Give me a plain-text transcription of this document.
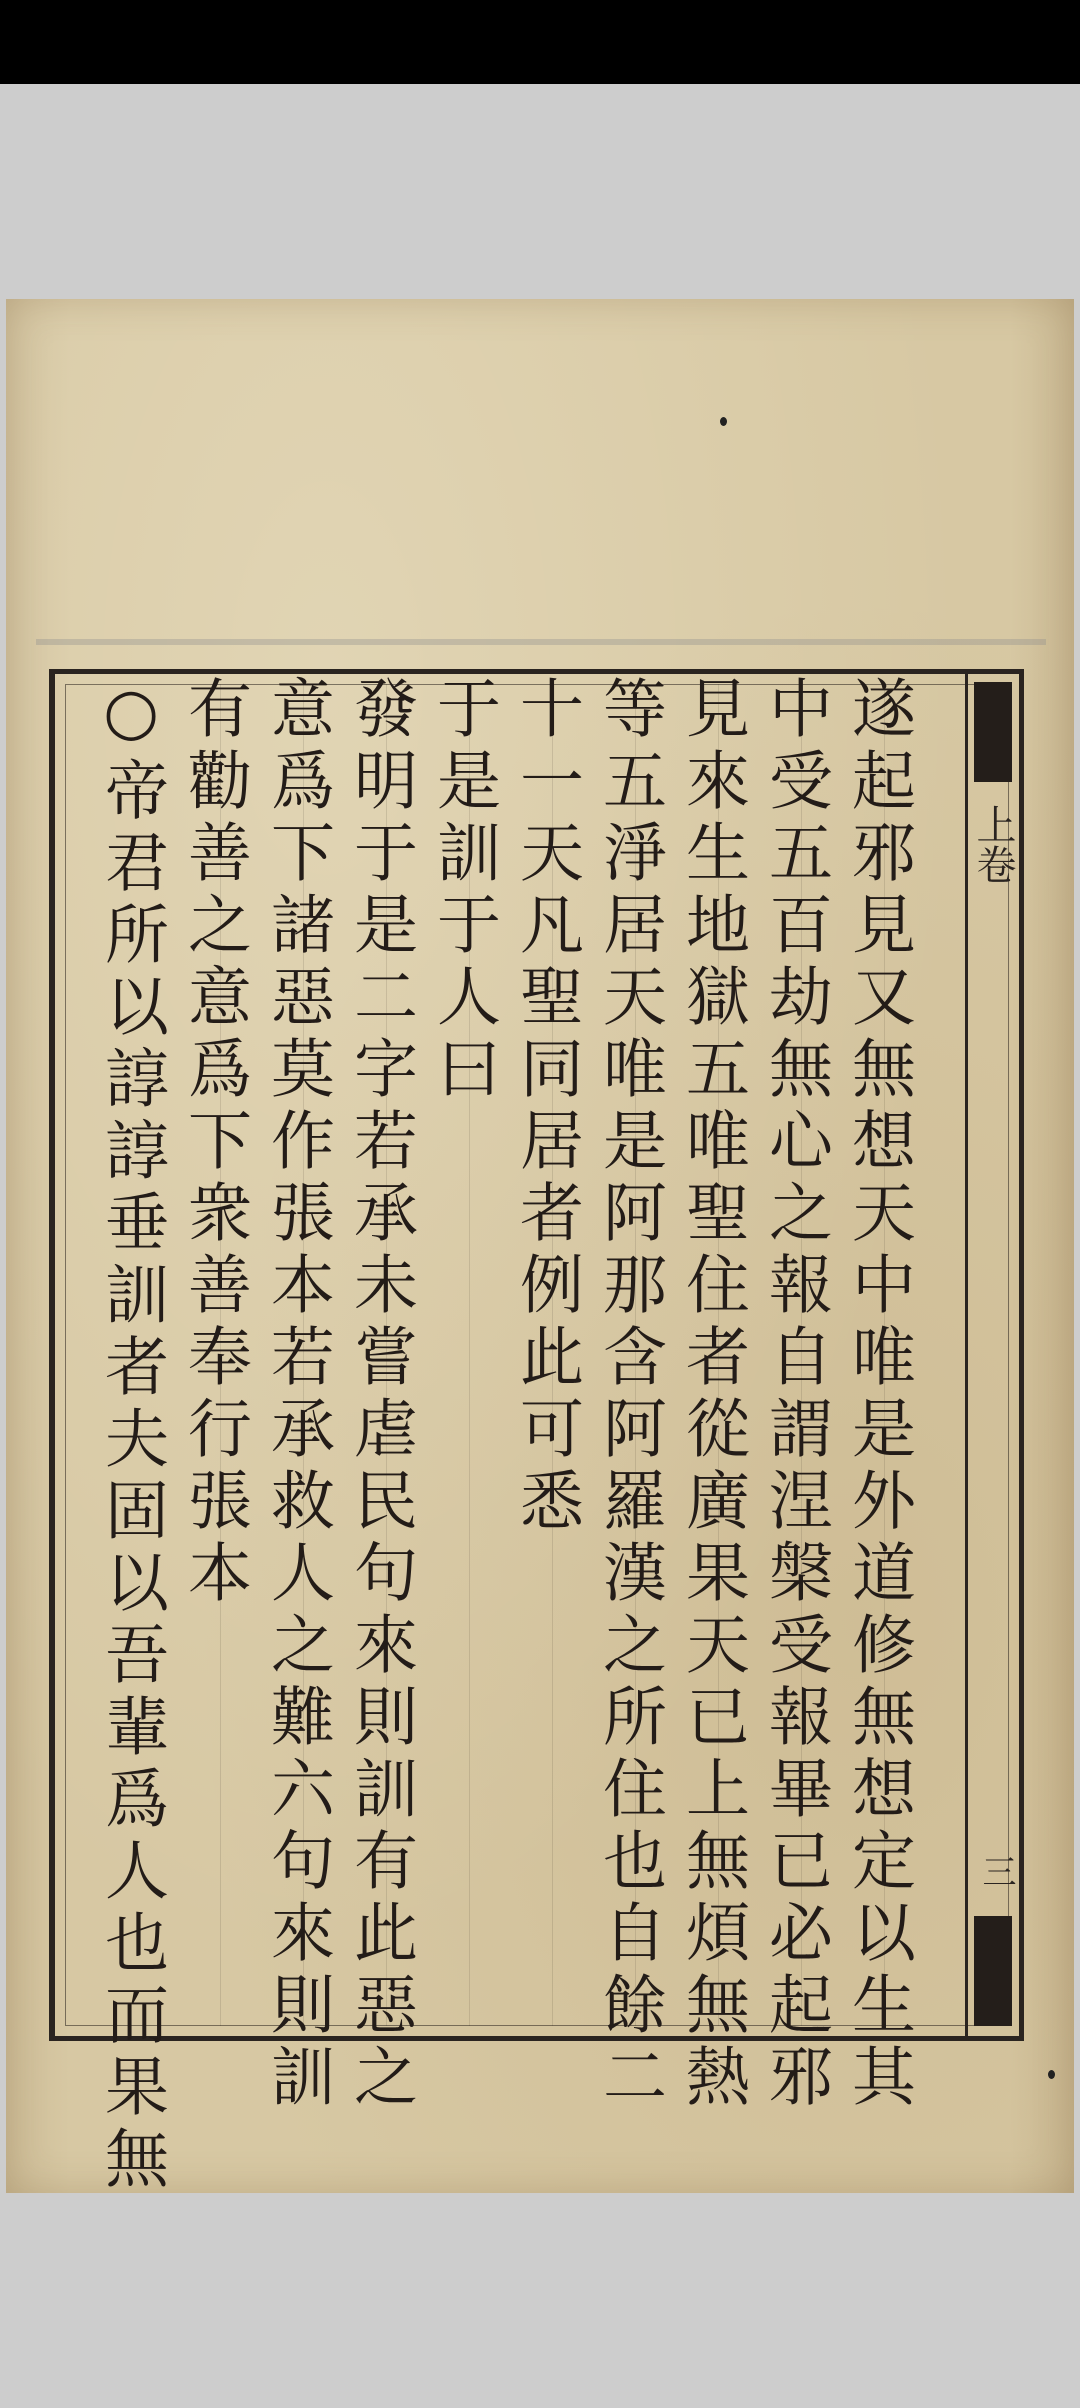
上卷
三
遂起邪見又無想天中唯是外道修無想定以生其
中受五百劫無心之報自謂涅槃受報畢已必起邪
見來生地獄五唯聖住者從廣果天已上無煩無熱
等五淨居天唯是阿那含阿羅漢之所住也自餘二
十一天凡聖同居者例此可悉
于是訓于人曰
發明于是二字若承未嘗虐民句來則訓有此惡之
意爲下諸惡莫作張本若承救人之難六句來則訓
有勸善之意爲下衆善奉行張本
○帝君所以諄諄垂訓者夫固以吾輩爲人也而果無
